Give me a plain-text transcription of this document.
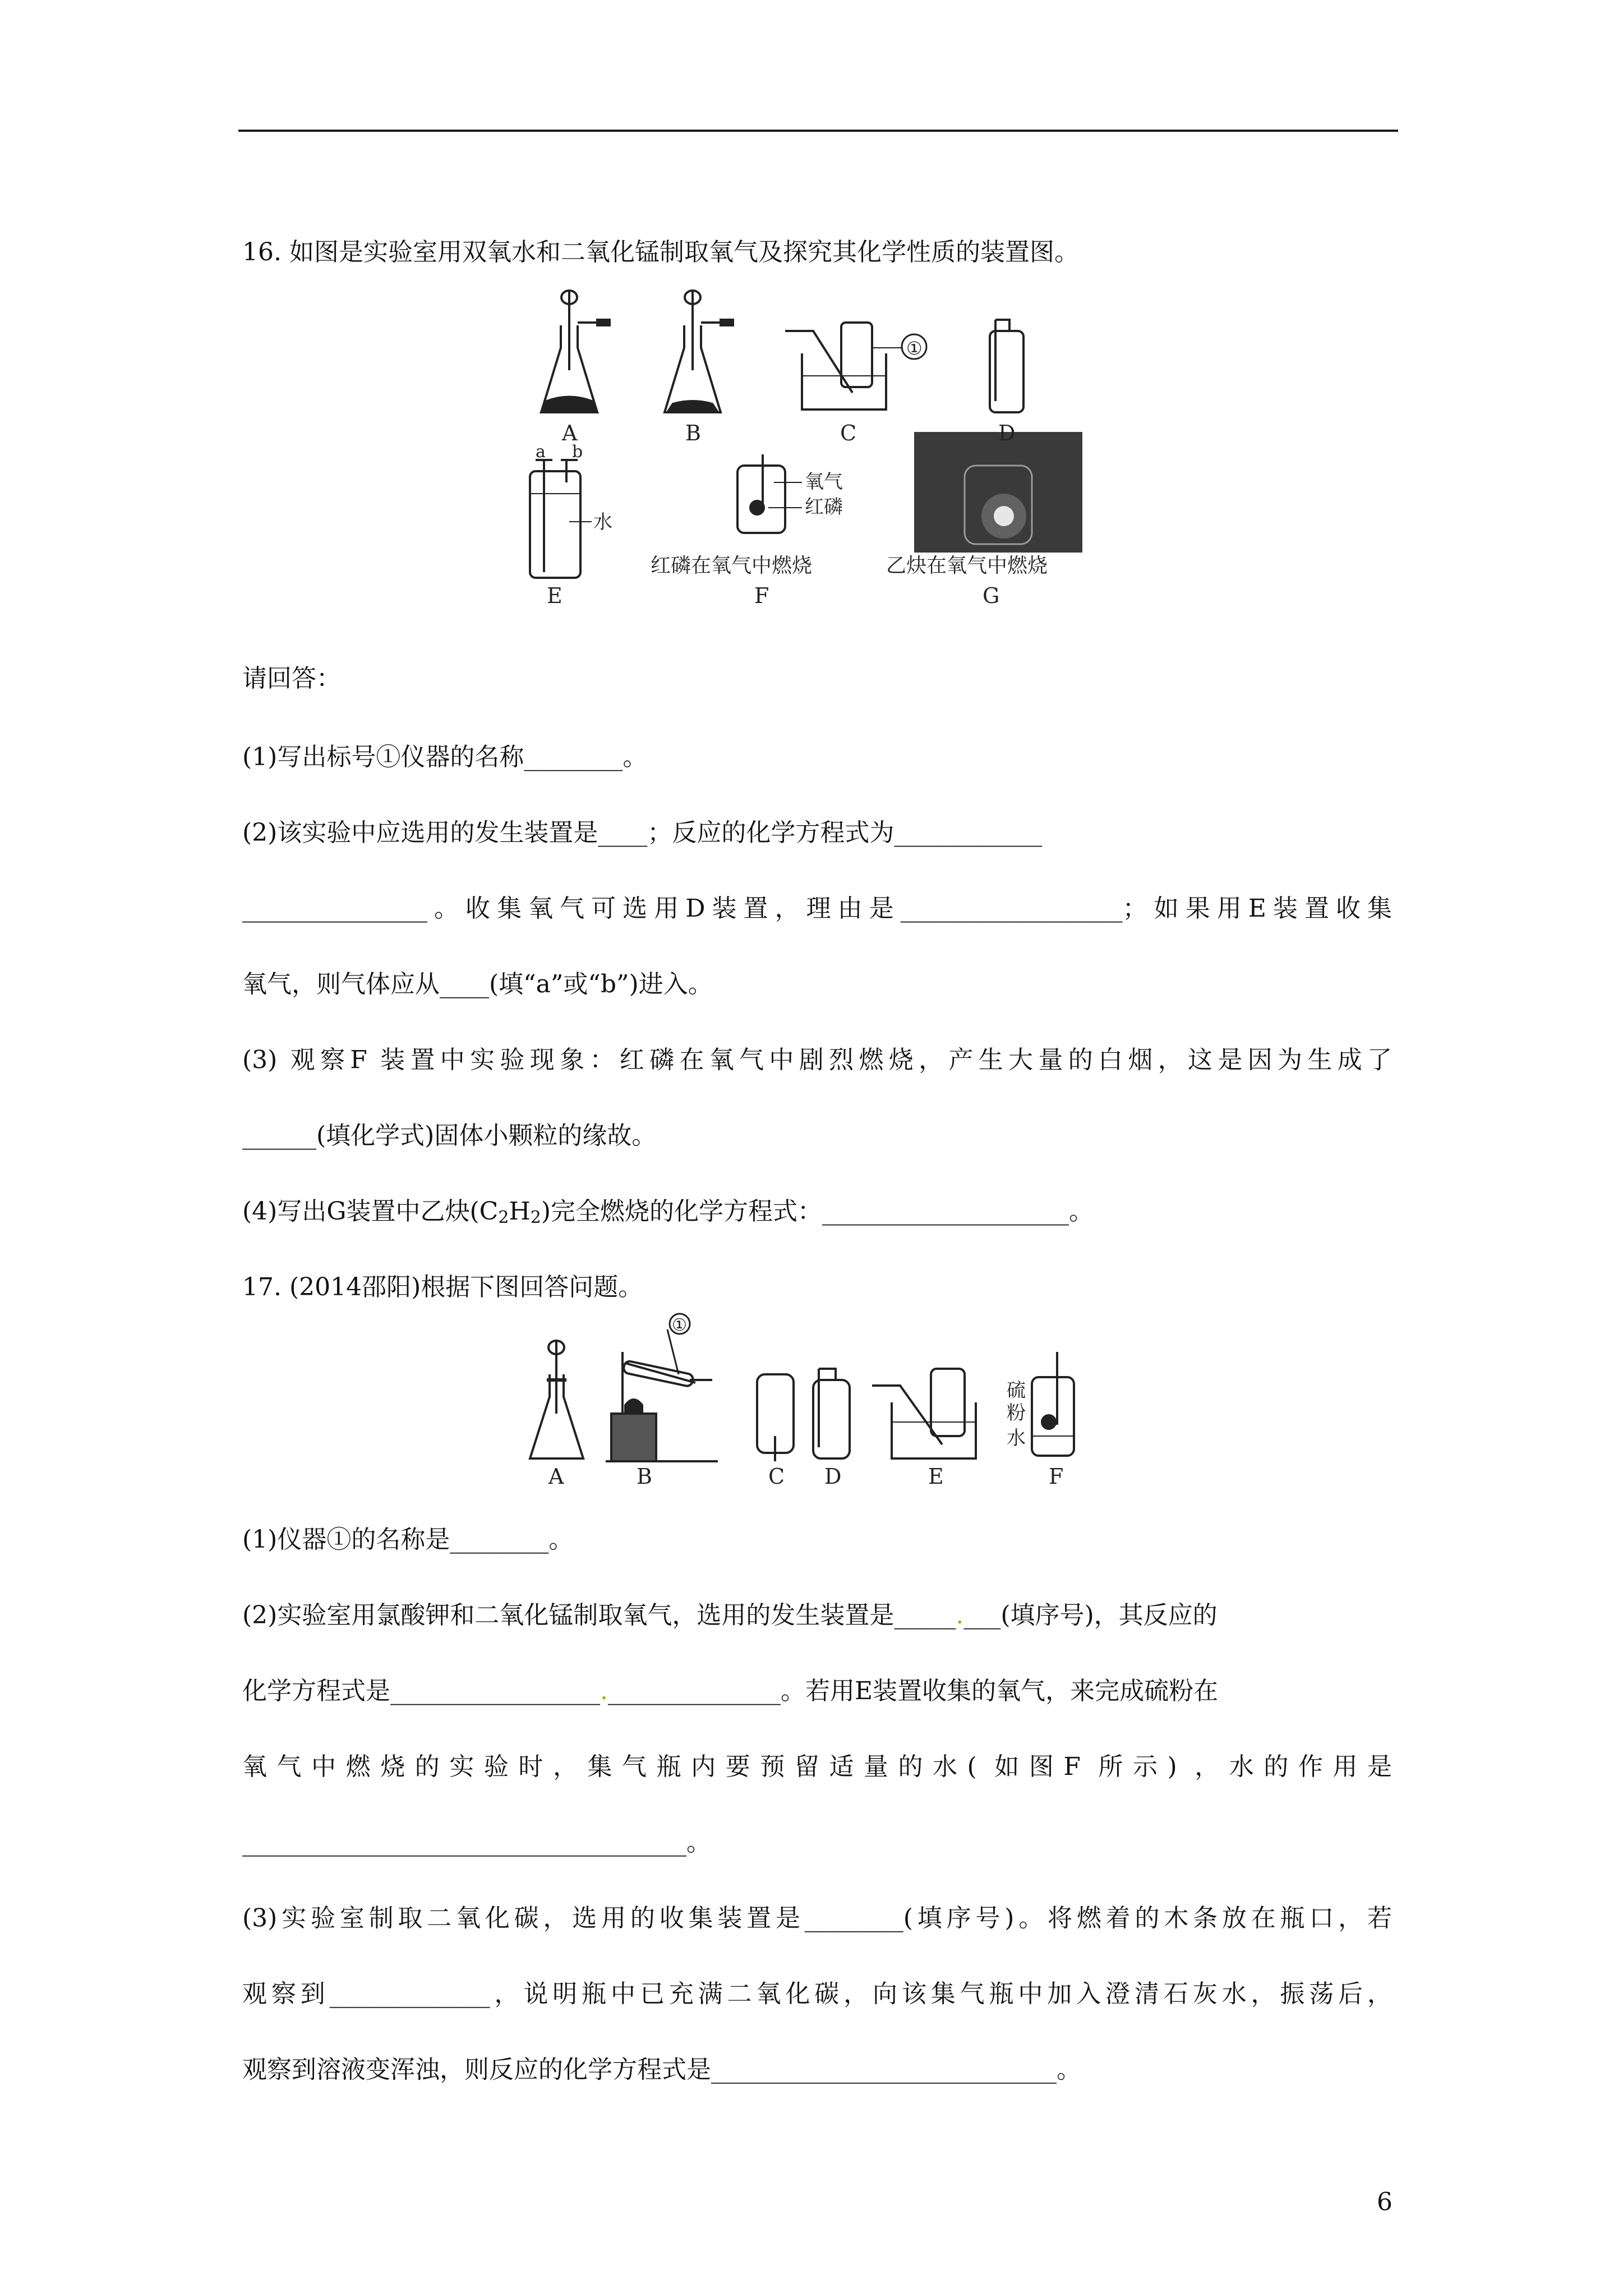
16. 如图是实验室用双氧水和二氧化锰制取氧气及探究其化学性质的装置图。
A	B	C	D
①
a b
水
E
氧气
红磷
红磷在氧气中燃烧
F
乙炔在氧气中燃烧
G
请回答：
(1)写出标号①仪器的名称________。
(2)该实验中应选用的发生装置是____；反应的化学方程式为____________
_______________。收集氧气可选用D装置，理由是__________________；如果用E装置收集
氧气，则气体应从____(填“a”或“b”)进入。
(3) 观察F 装置中实验现象：红磷在氧气中剧烈燃烧，产生大量的白烟，这是因为生成了
______(填化学式)固体小颗粒的缘故。
(4)写出G装置中乙炔$(C_2H_2)$完全燃烧的化学方程式：____________________。
17. (2014邵阳)根据下图回答问题。
A	B	C D	E	F
①
硫
粉
水
(1)仪器①的名称是________。
(2)实验室用氯酸钾和二氧化锰制取氧气，选用的发生装置是_____.___(填序号)，其反应的
化学方程式是_________________.______________。若用E装置收集的氧气，来完成硫粉在
氧气中燃烧的实验时，集气瓶内要预留适量的水( 如图F 所示) ，水的作用是
____________________________________。
(3)实验室制取二氧化碳，选用的收集装置是________(填序号)。将燃着的木条放在瓶口，若
观察到_____________，说明瓶中已充满二氧化碳，向该集气瓶中加入澄清石灰水，振荡后，
观察到溶液变浑浊，则反应的化学方程式是____________________________。
6
